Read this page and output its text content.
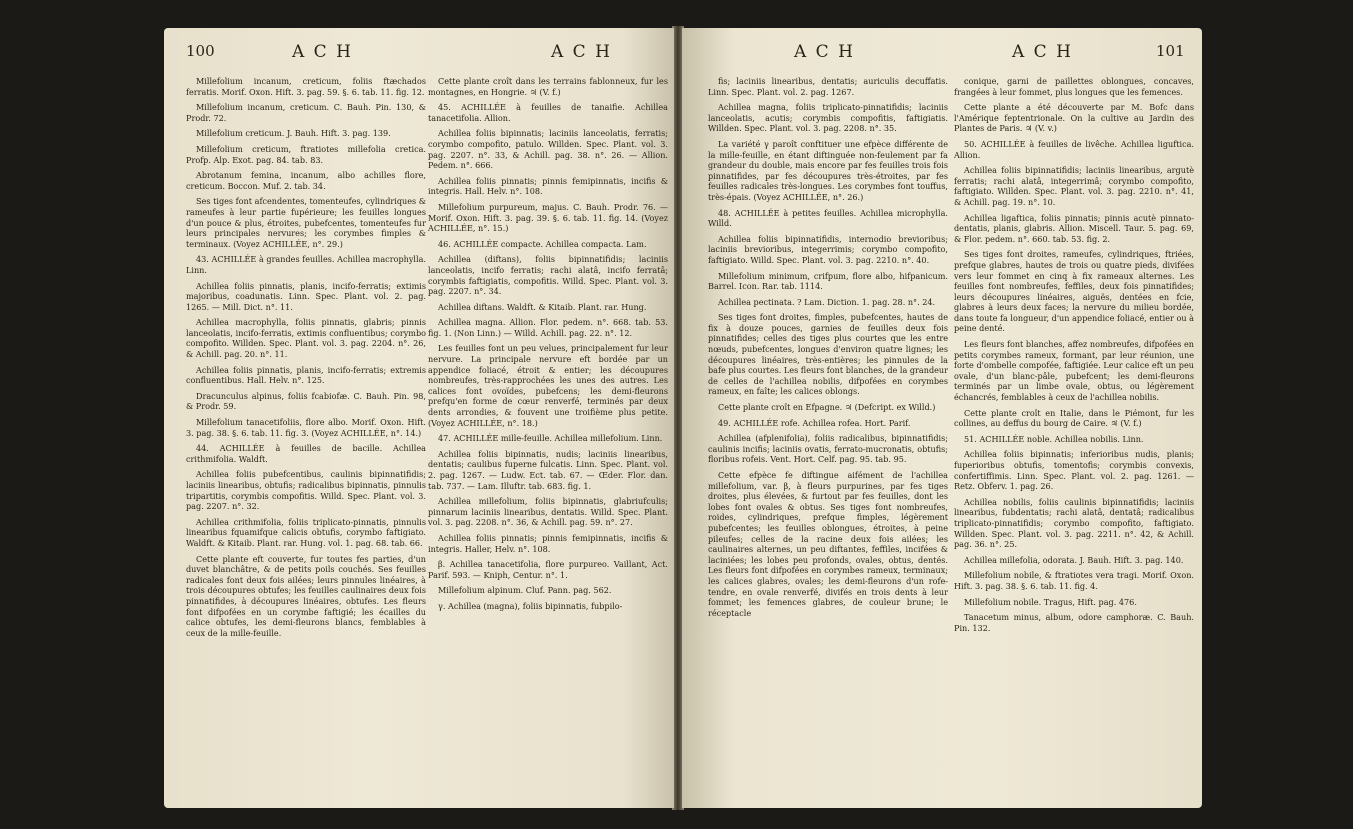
100	A C H	A C H

Millefolium incanum, creticum, foliis ftæchados ferratis. Morif. Oxon. Hift. 3. pag. 59. §. 6. tab. 11. fig. 12.

Millefolium incanum, creticum. C. Bauh. Pin. 130, & Prodr. 72.

Millefolium creticum. J. Bauh. Hift. 3. pag. 139.

Millefolium creticum, ftratiotes millefolia cretica. Profp. Alp. Exot. pag. 84. tab. 83.

Abrotanum femina, incanum, albo achilles flore, creticum. Boccon. Muf. 2. tab. 34.

Ses tiges font afcendentes, tomenteufes, cylindriques & rameufes à leur partie fupérieure; les feuilles longues d'un pouce & plus, étroites, pubefcentes, tomenteufes fur leurs principales nervures; les corymbes fimples & terminaux. (Voyez ACHILLÉE, n°. 29.)

43. ACHILLÉE à grandes feuilles. Achillea macrophylla. Linn.

Achillea foliis pinnatis, planis, incifo-ferratis; extimis majoribus, coadunatis. Linn. Spec. Plant. vol. 2. pag. 1265. — Mill. Dict. n°. 11.

Achillea macrophylla, foliis pinnatis, glabris; pinnis lanceolatis, incifo-ferratis, extimis confluentibus; corymbo compofito. Willden. Spec. Plant. vol. 3. pag. 2204. n°. 26, & Achill. pag. 20. n°. 11.

Achillea foliis pinnatis, planis, incifo-ferratis; extremis confluentibus. Hall. Helv. n°. 125.

Dracunculus alpinus, foliis fcabiofæ. C. Bauh. Pin. 98, & Prodr. 59.

Millefolium tanacetifoliis, flore albo. Morif. Oxon. Hift. 3. pag. 38. §. 6. tab. 11. fig. 3. (Voyez ACHILLÉE, n°. 14.)

44. ACHILLÉE à feuilles de bacille. Achillea crithmifolia. Waldft.

Achillea foliis pubefcentibus, caulinis bipinnatifidis; laciniis linearibus, obtufis; radicalibus bipinnatis, pinnulis tripartitis, corymbis compofitis. Willd. Spec. Plant. vol. 3. pag. 2207. n°. 32.

Achillea crithmifolia, foliis triplicato-pinnatis, pinnulis linearibus fquamifque calicis obtufis, corymbo faftigiato. Waldft. & Kitaib. Plant. rar. Hung. vol. 1. pag. 68. tab. 66.

Cette plante eft couverte, fur toutes fes parties, d'un duvet blanchâtre, & de petits poils couchés. Ses feuilles radicales font deux fois ailées; leurs pinnules linéaires, à trois découpures obtufes; les feuilles caulinaires deux fois pinnatifides, à découpures linéaires, obtufes. Les fleurs font difpofées en un corymbe faftigié; les écailles du calice obtufes, les demi-fleurons blancs, femblables à ceux de la mille-feuille.

Cette plante croît dans les terrains fablonneux, fur les montagnes, en Hongrie. ♃ (V. f.)

45. ACHILLÉE à feuilles de tanaifie. Achillea tanacetifolia. Allion.

Achillea foliis bipinnatis; laciniis lanceolatis, ferratis; corymbo compofito, patulo. Willden. Spec. Plant. vol. 3. pag. 2207. n°. 33, & Achill. pag. 38. n°. 26. — Allion. Pedem. n°. 666.

Achillea foliis pinnatis; pinnis femipinnatis, incifis & integris. Hall. Helv. n°. 108.

Millefolium purpureum, majus. C. Bauh. Prodr. 76. — Morif. Oxon. Hift. 3. pag. 39. §. 6. tab. 11. fig. 14. (Voyez ACHILLÉE, n°. 15.)

46. ACHILLÉE compacte. Achillea compacta. Lam.

Achillea (diftans), foliis bipinnatifidis; laciniis lanceolatis, incifo ferratis; rachi alatâ, incifo ferratâ; corymbis faftigiatis, compofitis. Willd. Spec. Plant. vol. 3. pag. 2207. n°. 34.

Achillea diftans. Waldft. & Kitaib. Plant. rar. Hung.

Achillea magna. Allion. Flor. pedem. n°. 668. tab. 53. fig. 1. (Non Linn.) — Willd. Achill. pag. 22. n°. 12.

Les feuilles font un peu velues, principalement fur leur nervure. La principale nervure eft bordée par un appendice foliacé, étroit & entier; les découpures nombreufes, très-rapprochées les unes des autres. Les calices font ovoïdes, pubefcens; les demi-fleurons prefqu'en forme de cœur renverfé, terminés par deux dents arrondies, & fouvent une troifième plus petite. (Voyez ACHILLÉE, n°. 18.)

47. ACHILLÉE mille-feuille. Achillea millefolium. Linn.

Achillea foliis bipinnatis, nudis; laciniis linearibus, dentatis; caulibus fuperne fulcatis. Linn. Spec. Plant. vol. 2. pag. 1267. — Ludw. Ect. tab. 67. — Œder. Flor. dan. tab. 737. — Lam. Illuftr. tab. 683. fig. 1.

Achillea millefolium, foliis bipinnatis, glabriufculis; pinnarum laciniis linearibus, dentatis. Willd. Spec. Plant. vol. 3. pag. 2208. n°. 36, & Achill. pag. 59. n°. 27.

Achillea foliis pinnatis; pinnis femipinnatis, incifis & integris. Haller, Helv. n°. 108.

β. Achillea tanacetifolia, flore purpureo. Vaillant, Act. Parif. 593. — Kniph, Centur. n°. 1.

Millefolium alpinum. Cluf. Pann. pag. 562.

γ. Achillea (magna), foliis bipinnatis, fubpilo-

A C H	A C H	101

fis; laciniis linearibus, dentatis; auriculis decuffatis. Linn. Spec. Plant. vol. 2. pag. 1267.

Achillea magna, foliis triplicato-pinnatifidis; laciniis lanceolatis, acutis; corymbis compofitis, faftigiatis. Willden. Spec. Plant. vol. 3. pag. 2208. n°. 35.

La variété γ paroît conftituer une efpèce différente de la mille-feuille, en étant diftinguée non-feulement par fa grandeur du double, mais encore par fes feuilles trois fois pinnatifides, par fes découpures très-étroites, par fes feuilles radicales très-longues. Les corymbes font touffus, très-épais. (Voyez ACHILLÉE, n°. 26.)

48. ACHILLÉE à petites feuilles. Achillea microphylla. Willd.

Achillea foliis bipinnatifidis, internodio brevioribus; laciniis brevioribus, integerrimis; corymbo compofito, faftigiato. Willd. Spec. Plant. vol. 3. pag. 2210. n°. 40.

Millefolium minimum, crifpum, flore albo, hifpanicum. Barrel. Icon. Rar. tab. 1114.

Achillea pectinata. ? Lam. Diction. 1. pag. 28. n°. 24.

Ses tiges font droites, fimples, pubefcentes, hautes de fix à douze pouces, garnies de feuilles deux fois pinnatifides; celles des tiges plus courtes que les entre nœuds, pubefcentes, longues d'environ quatre lignes; les découpures linéaires, très-entières; les pinnules de la bafe plus courtes. Les fleurs font blanches, de la grandeur de celles de l'achillea nobilis, difpofées en corymbes rameux, en faîte; les calices oblongs.

Cette plante croît en Efpagne. ♃ (Defcript. ex Willd.)

49. ACHILLÉE rofe. Achillea rofea. Hort. Parif.

Achillea (afplenifolia), foliis radicalibus, bipinnatifidis; caulinis incifis; laciniis ovatis, ferrato-mucronatis, obtufis; floribus rofeis. Vent. Hort. Celf. pag. 95. tab. 95.

Cette efpèce fe diftingue aifément de l'achillea millefolium, var. β, à fleurs purpurines, par fes tiges droites, plus élevées, & furtout par fes feuilles, dont les lobes font ovales & obtus. Ses tiges font nombreufes, roides, cylindriques, prefque fimples, légèrement pubefcentes; les feuilles oblongues, étroites, à peine pileufes; celles de la racine deux fois ailées; les caulinaires alternes, un peu diftantes, feffiles, incifées & laciniées; les lobes peu profonds, ovales, obtus, dentés. Les fleurs font difpofées en corymbes rameux, terminaux; les calices glabres, ovales; les demi-fleurons d'un rofe-tendre, en ovale renverfé, divifés en trois dents à leur fommet; les femences glabres, de couleur brune; le réceptacle

conique, garni de paillettes oblongues, concaves, frangées à leur fommet, plus longues que les femences.

Cette plante a été découverte par M. Bofc dans l'Amérique feptentrionale. On la cultive au Jardin des Plantes de Paris. ♃ (V. v.)

50. ACHILLÉE à feuilles de livêche. Achillea liguftica. Allion.

Achillea foliis bipinnatifidis; laciniis linearibus, argutè ferratis; rachi alatâ, integerrimâ; corymbo compofito, faftigiato. Willden. Spec. Plant. vol. 3. pag. 2210. n°. 41, & Achill. pag. 19. n°. 10.

Achillea ligaftica, foliis pinnatis; pinnis acutè pinnato-dentatis, planis, glabris. Allion. Miscell. Taur. 5. pag. 69, & Flor. pedem. n°. 660. tab. 53. fig. 2.

Ses tiges font droites, rameufes, cylindriques, ftriées, prefque glabres, hautes de trois ou quatre pieds, divifées vers leur fommet en cinq à fix rameaux alternes. Les feuilles font nombreufes, feffiles, deux fois pinnatifides; leurs découpures linéaires, aiguës, dentées en fcie, glabres à leurs deux faces; la nervure du milieu bordée, dans toute fa longueur, d'un appendice foliacé, entier ou à peine denté.

Les fleurs font blanches, affez nombreufes, difpofées en petits corymbes rameux, formant, par leur réunion, une forte d'ombelle compofée, faftigiée. Leur calice eft un peu ovale, d'un blanc-pâle, pubefcent; les demi-fleurons terminés par un limbe ovale, obtus, ou légèrement échancrés, femblables à ceux de l'achillea nobilis.

Cette plante croît en Italie, dans le Piémont, fur les collines, au deffus du bourg de Caire. ♃ (V. f.)

51. ACHILLÉE noble. Achillea nobilis. Linn.

Achillea foliis bipinnatis; inferioribus nudis, planis; fuperioribus obtufis, tomentofis; corymbis convexis, confertiffimis. Linn. Spec. Plant. vol. 2. pag. 1261. — Retz. Obferv. 1. pag. 26.

Achillea nobilis, foliis caulinis bipinnatifidis; laciniis linearibus, fubdentatis; rachi alatâ, dentatâ; radicalibus triplicato-pinnatifidis; corymbo compofito, faftigiato. Willden. Spec. Plant. vol. 3. pag. 2211. n°. 42, & Achill. pag. 36. n°. 25.

Achillea millefolia, odorata. J. Bauh. Hift. 3. pag. 140.

Millefolium nobile, & ftratiotes vera tragi. Morif. Oxon. Hift. 3. pag. 38. §. 6. tab. 11. fig. 4.

Millefolium nobile. Tragus, Hift. pag. 476.

Tanacetum minus, album, odore camphoræ. C. Bauh. Pin. 132.
